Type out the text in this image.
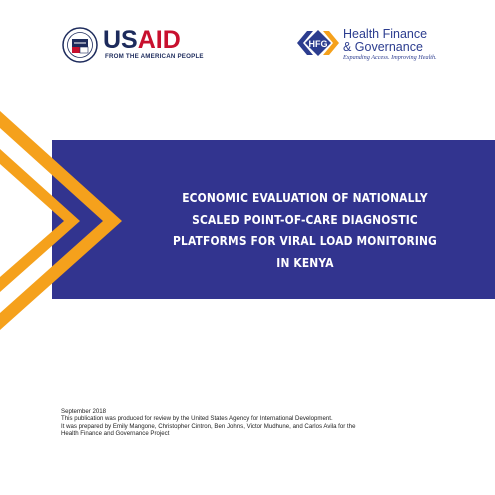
USAID
FROM THE AMERICAN PEOPLE
HFG
Health Finance
& Governance
Expanding Access. Improving Health.
ECONOMIC EVALUATION OF NATIONALLY
SCALED POINT-OF-CARE DIAGNOSTIC
PLATFORMS FOR VIRAL LOAD MONITORING
IN KENYA
September 2018
This publication was produced for review by the United States Agency for International Development.
It was prepared by Emily Mangone, Christopher Cintron, Ben Johns, Victor Mudhune, and Carlos Avila for the
Health Finance and Governance Project
